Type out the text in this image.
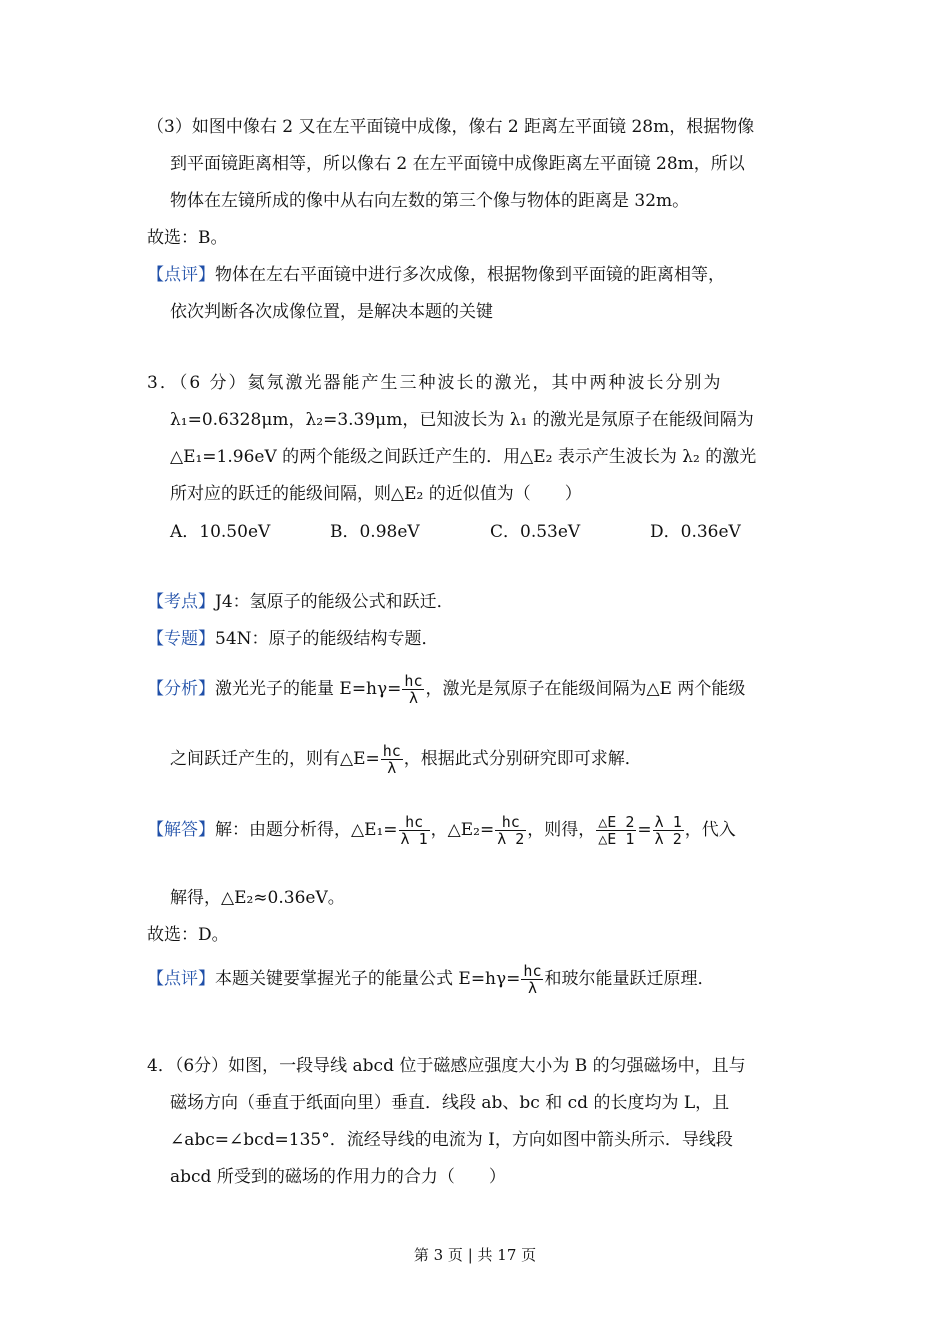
（3）如图中像右 2 又在左平面镜中成像，像右 2 距离左平面镜 28m，根据物像
到平面镜距离相等，所以像右 2 在左平面镜中成像距离左平面镜 28m，所以
物体在左镜所成的像中从右向左数的第三个像与物体的距离是 32m。
故选：B。
【点评】物体在左右平面镜中进行多次成像，根据物像到平面镜的距离相等，
依次判断各次成像位置，是解决本题的关键
3．（6 分）氦氖激光器能产生三种波长的激光，其中两种波长分别为
λ₁=0.6328μm，λ₂=3.39μm，已知波长为 λ₁ 的激光是氖原子在能级间隔为
△E₁=1.96eV 的两个能级之间跃迁产生的．用△E₂ 表示产生波长为 λ₂ 的激光
所对应的跃迁的能级间隔，则△E₂ 的近似值为（　　）
A．10.50eV	B．0.98eV	C．0.53eV	D．0.36eV
【考点】J4：氢原子的能级公式和跃迁．
【专题】54N：原子的能级结构专题．
【分析】激光光子的能量 $E=h\gamma= \frac{hc}{\lambda}$ ，激光是氖原子在能级间隔为△E 两个能级
之间跃迁产生的，则有△E= $\frac{hc}{\lambda}$ ，根据此式分别研究即可求解．
【解答】解：由题分析得，△E₁= $\frac{hc}{\lambda 1}$ ，△E₂= $\frac{hc}{\lambda 2}$ ，则得， $\frac{\triangle E 2}{\triangle E 1} = \frac{\lambda 1}{\lambda 2}$ ，代入
解得，△E₂≈0.36eV。
故选：D。
【点评】本题关键要掌握光子的能量公式 $E=h\gamma= \frac{hc}{\lambda}$ 和玻尔能量跃迁原理．
4．（6分）如图，一段导线 abcd 位于磁感应强度大小为 B 的匀强磁场中，且与
磁场方向（垂直于纸面向里）垂直．线段 ab、bc 和 cd 的长度均为 L，且
∠abc=∠bcd=135°．流经导线的电流为 I，方向如图中箭头所示．导线段
abcd 所受到的磁场的作用力的合力（　　）
第 3 页 | 共 17 页
